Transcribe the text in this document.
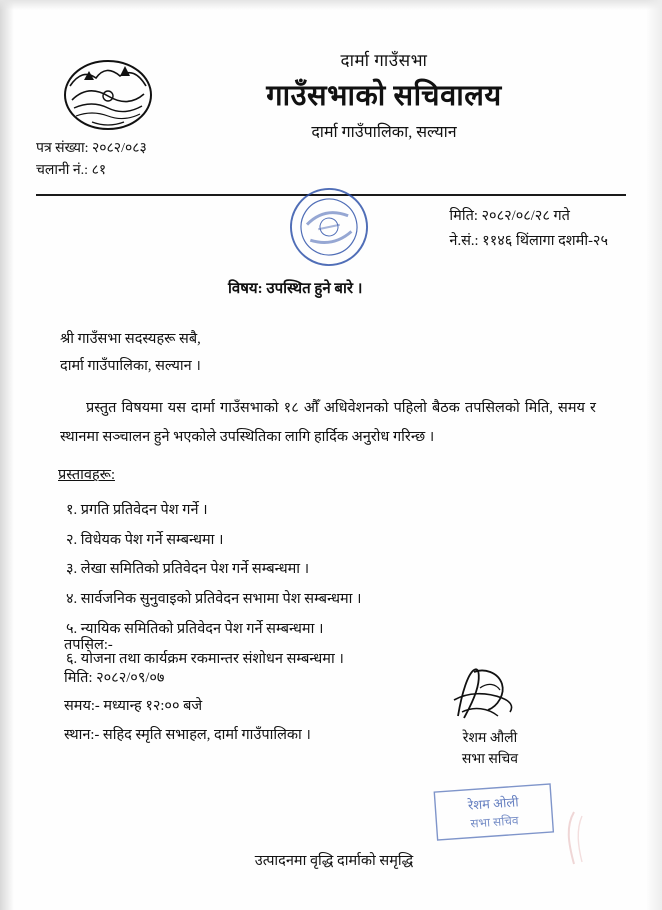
दार्मा गाउँसभा
गाउँसभाको सचिवालय
दार्मा गाउँपालिका, सल्यान
पत्र संख्या: २०८२/०८३
चलानी नं.: ८१
मिति: २०८२/०८/२८ गते
ने.सं.: ११४६ थिंलागा दशमी-२५
विषय: उपस्थित हुने बारे ।
श्री गाउँसभा सदस्यहरू सबै,
दार्मा गाउँपालिका, सल्यान ।
प्रस्तुत विषयमा यस दार्मा गाउँसभाको १८ औँ अधिवेशनको पहिलो बैठक तपसिलको मिति, समय र स्थानमा सञ्चालन हुने भएकोले उपस्थितिका लागि हार्दिक अनुरोध गरिन्छ ।
प्रस्तावहरू:
१. प्रगति प्रतिवेदन पेश गर्ने ।
२. विधेयक पेश गर्ने सम्बन्धमा ।
३. लेखा समितिको प्रतिवेदन पेश गर्ने सम्बन्धमा ।
४. सार्वजनिक सुनुवाइको प्रतिवेदन सभामा पेश सम्बन्धमा ।
५. न्यायिक समितिको प्रतिवेदन पेश गर्ने सम्बन्धमा ।
६. योजना तथा कार्यक्रम रकमान्तर संशोधन सम्बन्धमा ।
तपसिल:-
मिति: २०८२/०९/०७
समय:- मध्यान्ह १२:०० बजे
स्थान:- सहिद स्मृति सभाहल, दार्मा गाउँपालिका ।	रेशम औली
सभा सचिव
रेशम ओली
सभा सचिव
उत्पादनमा वृद्धि दार्माको समृद्धि
